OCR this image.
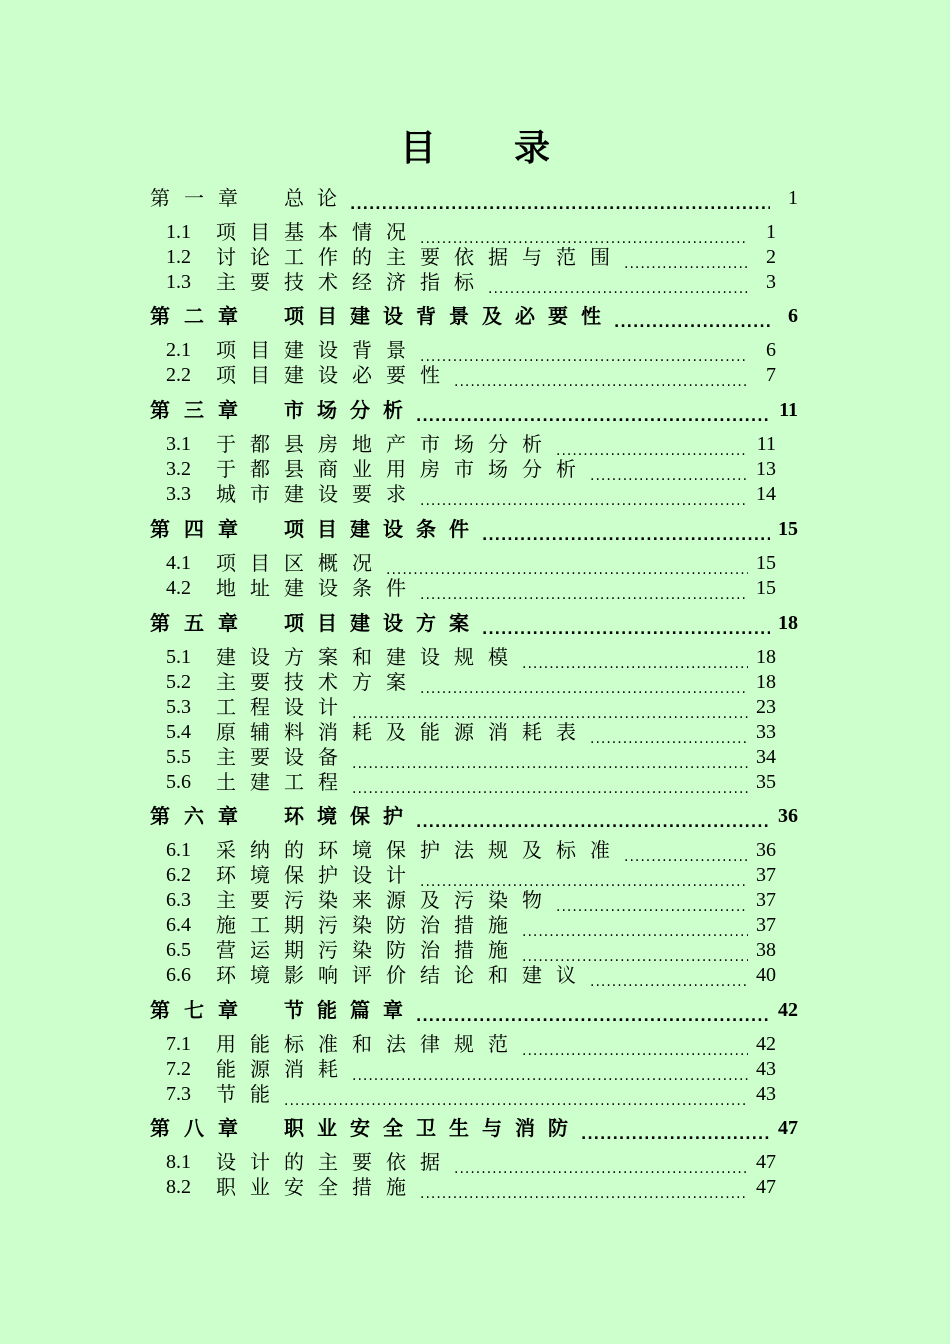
目 录
第一章	总论 .....	1
1.1	项目基本情况 .....	1
1.2	讨论工作的主要依据与范围 .....	2
1.3	主要技术经济指标 .....	3
第二章	项目建设背景及必要性 .....	6
2.1	项目建设背景 .....	6
2.2	项目建设必要性 .....	7
第三章	市场分析 .....	11
3.1	于都县房地产市场分析 .....	11
3.2	于都县商业用房市场分析 .....	13
3.3	城市建设要求 .....	14
第四章	项目建设条件 .....	15
4.1	项目区概况 .....	15
4.2	地址建设条件 .....	15
第五章	项目建设方案 .....	18
5.1	建设方案和建设规模 .....	18
5.2	主要技术方案 .....	18
5.3	工程设计 .....	23
5.4	原辅料消耗及能源消耗表 .....	33
5.5	主要设备 .....	34
5.6	土建工程 .....	35
第六章	环境保护 .....	36
6.1	采纳的环境保护法规及标准 .....	36
6.2	环境保护设计 .....	37
6.3	主要污染来源及污染物 .....	37
6.4	施工期污染防治措施 .....	37
6.5	营运期污染防治措施 .....	38
6.6	环境影响评价结论和建议 .....	40
第七章	节能篇章 .....	42
7.1	用能标准和法律规范 .....	42
7.2	能源消耗 .....	43
7.3	节能 .....	43
第八章	职业安全卫生与消防 .....	47
8.1	设计的主要依据 .....	47
8.2	职业安全措施 .....	47
